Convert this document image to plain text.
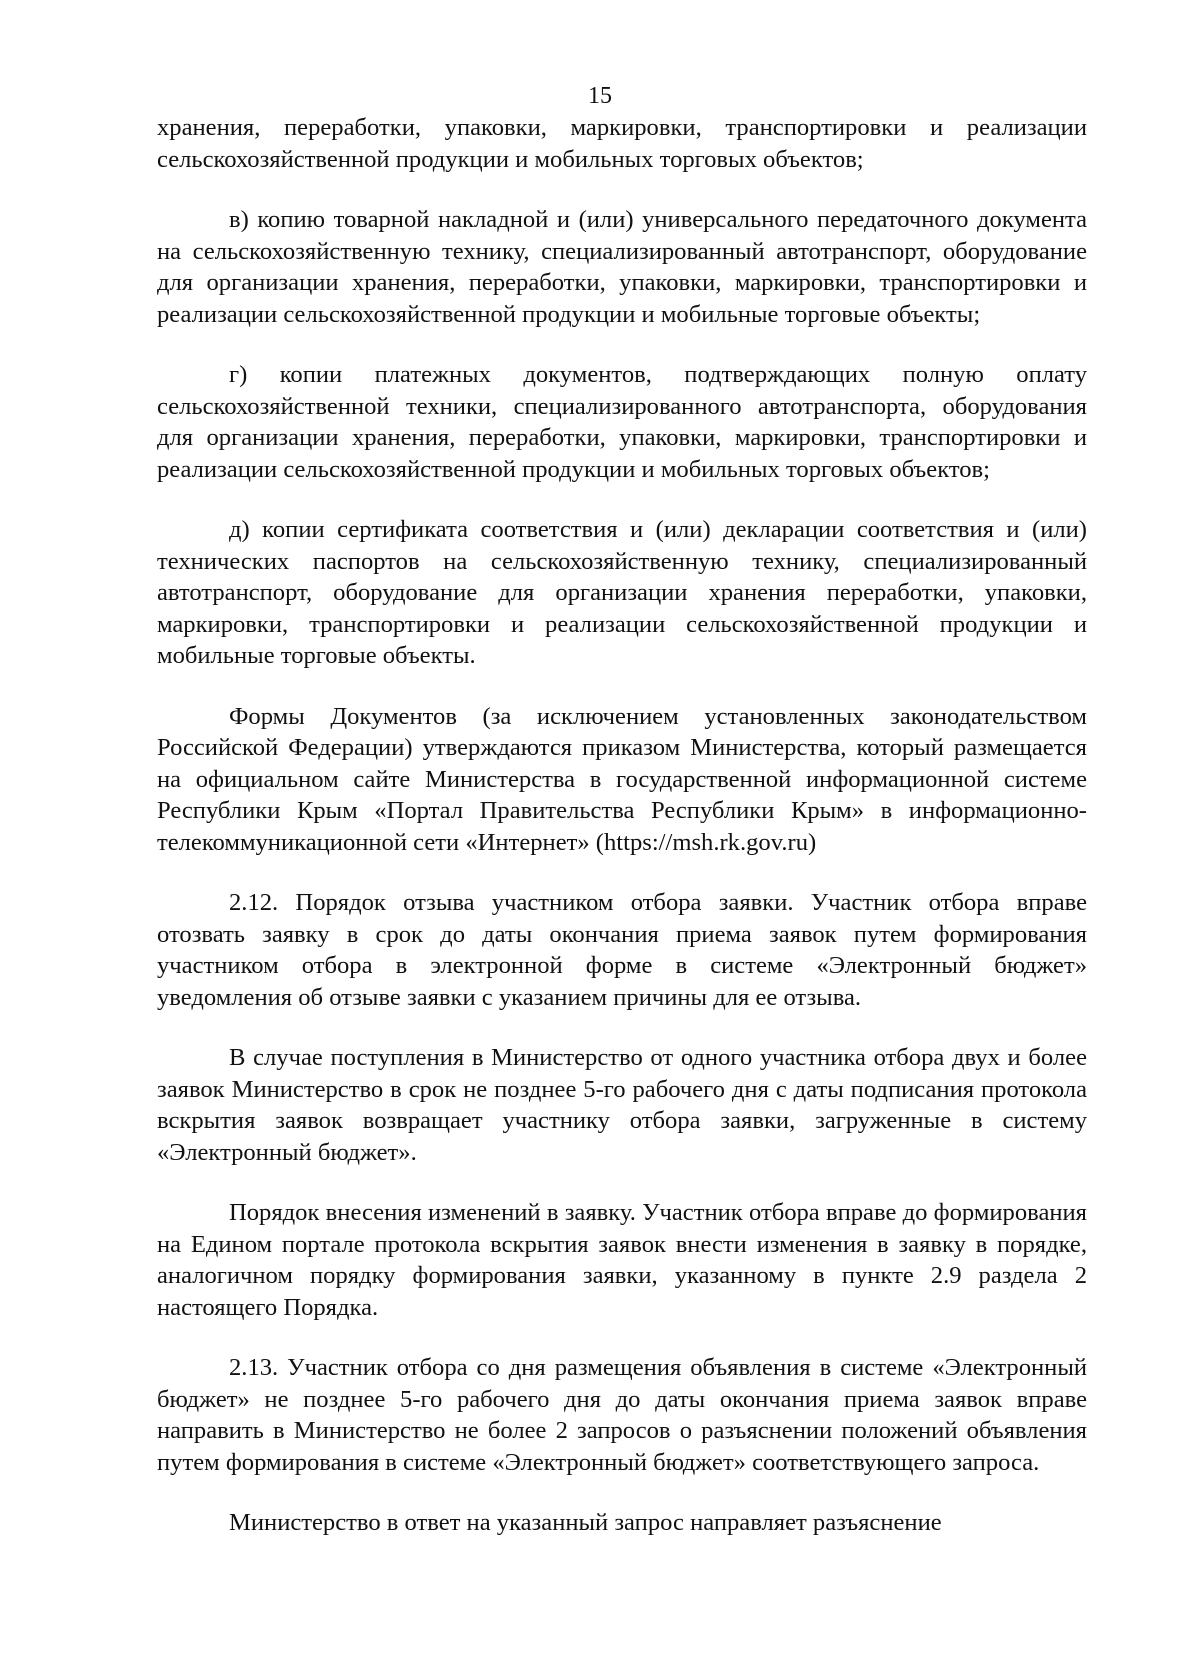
15

хранения, переработки, упаковки, маркировки, транспортировки и реализации сельскохозяйственной продукции и мобильных торговых объектов;

в) копию товарной накладной и (или) универсального передаточного документа на сельскохозяйственную технику, специализированный автотранспорт, оборудование для организации хранения, переработки, упаковки, маркировки, транспортировки и реализации сельскохозяйственной продукции и мобильные торговые объекты;

г) копии платежных документов, подтверждающих полную оплату сельскохозяйственной техники, специализированного автотранспорта, оборудования для организации хранения, переработки, упаковки, маркировки, транспортировки и реализации сельскохозяйственной продукции и мобильных торговых объектов;

д) копии сертификата соответствия и (или) декларации соответствия и (или) технических паспортов на сельскохозяйственную технику, специализированный автотранспорт, оборудование для организации хранения переработки, упаковки, маркировки, транспортировки и реализации сельскохозяйственной продукции и мобильные торговые объекты.

Формы Документов (за исключением установленных законодательством Российской Федерации) утверждаются приказом Министерства, который размещается на официальном сайте Министерства в государственной информационной системе Республики Крым «Портал Правительства Республики Крым» в информационно-телекоммуникационной сети «Интернет» (https://msh.rk.gov.ru)

2.12. Порядок отзыва участником отбора заявки. Участник отбора вправе отозвать заявку в срок до даты окончания приема заявок путем формирования участником отбора в электронной форме в системе «Электронный бюджет» уведомления об отзыве заявки с указанием причины для ее отзыва.

В случае поступления в Министерство от одного участника отбора двух и более заявок Министерство в срок не позднее 5-го рабочего дня с даты подписания протокола вскрытия заявок возвращает участнику отбора заявки, загруженные в систему «Электронный бюджет».

Порядок внесения изменений в заявку. Участник отбора вправе до формирования на Едином портале протокола вскрытия заявок внести изменения в заявку в порядке, аналогичном порядку формирования заявки, указанному в пункте 2.9 раздела 2 настоящего Порядка.

2.13. Участник отбора со дня размещения объявления в системе «Электронный бюджет» не позднее 5-го рабочего дня до даты окончания приема заявок вправе направить в Министерство не более 2 запросов о разъяснении положений объявления путем формирования в системе «Электронный бюджет» соответствующего запроса.

Министерство в ответ на указанный запрос направляет разъяснение
